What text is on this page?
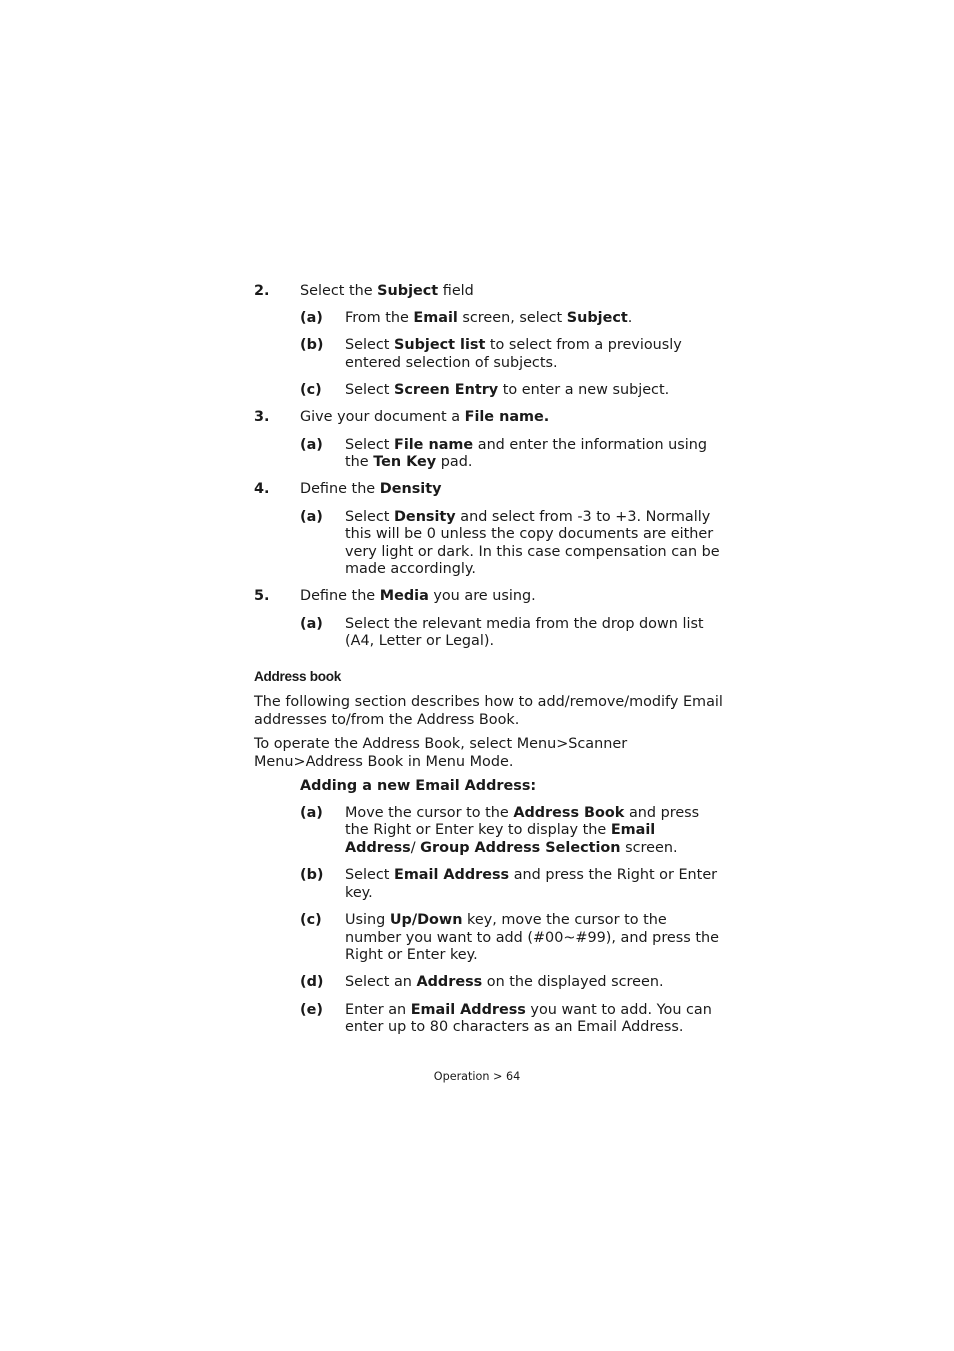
2. Select the Subject field
(a) From the Email screen, select Subject.
(b) Select Subject list to select from a previously entered selection of subjects.
(c) Select Screen Entry to enter a new subject.
3. Give your document a File name.
(a) Select File name and enter the information using the Ten Key pad.
4. Define the Density
(a) Select Density and select from -3 to +3. Normally this will be 0 unless the copy documents are either very light or dark. In this case compensation can be made accordingly.
5. Define the Media you are using.
(a) Select the relevant media from the drop down list (A4, Letter or Legal).
Address book
The following section describes how to add/remove/modify Email addresses to/from the Address Book.
To operate the Address Book, select Menu>Scanner Menu>Address Book in Menu Mode.
Adding a new Email Address:
(a) Move the cursor to the Address Book and press the Right or Enter key to display the Email Address/ Group Address Selection screen.
(b) Select Email Address and press the Right or Enter key.
(c) Using Up/Down key, move the cursor to the number you want to add (#00~#99), and press the Right or Enter key.
(d) Select an Address on the displayed screen.
(e) Enter an Email Address you want to add. You can enter up to 80 characters as an Email Address.
Operation > 64
